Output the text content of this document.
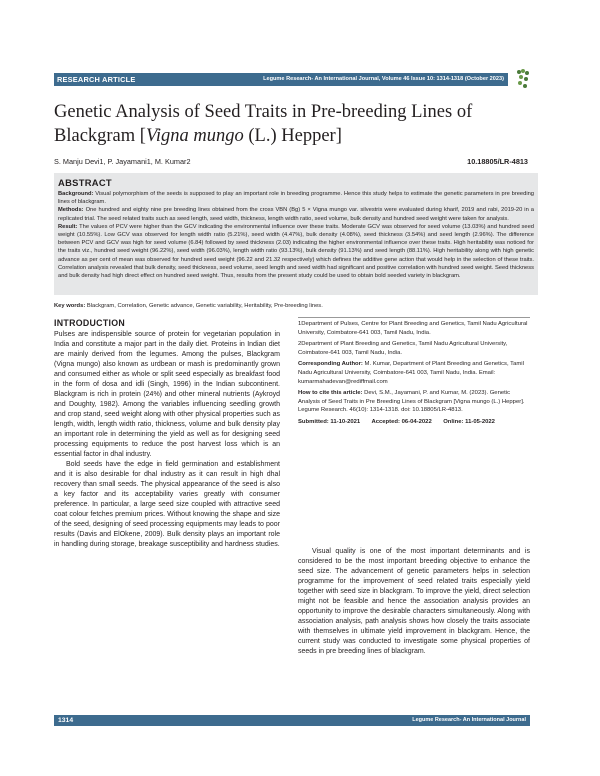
RESEARCH ARTICLE	Legume Research- An International Journal, Volume 46 Issue 10: 1314-1318 (October 2023)
Genetic Analysis of Seed Traits in Pre-breeding Lines of Blackgram [Vigna mungo (L.) Hepper]
S. Manju Devi1, P. Jayamani1, M. Kumar2	10.18805/LR-4813
ABSTRACT

Background: Visual polymorphism of the seeds is supposed to play an important role in breeding programme. Hence this study helps to estimate the genetic parameters in pre breeding lines of blackgram.

Methods: One hundred and eighty nine pre breeding lines obtained from the cross VBN (Bg) 5 × Vigna mungo var. silvestris were evaluated during kharif, 2019 and rabi, 2019-20 in a replicated trial. The seed related traits such as seed length, seed width, thickness, length width ratio, seed volume, bulk density and hundred seed weight were taken for analysis.

Result: The values of PCV were higher than the GCV indicating the environmental influence over these traits. Moderate GCV was observed for seed volume (13.03%) and hundred seed weight (10.55%). Low GCV was observed for length width ratio (5.21%), seed width (4.47%), bulk density (4.08%), seed thickness (3.54%) and seed length (2.96%). The difference between PCV and GCV was high for seed volume (6.84) followed by seed thickness (2.03) indicating the higher environmental influence over these traits. High heritability was noticed for the traits viz., hundred seed weight (96.22%), seed width (96.03%), length width ratio (93.13%), bulk density (91.13%) and seed length (88.11%). High heritability along with high genetic advance as per cent of mean was observed for hundred seed weight (96.22 and 21.32 respectively) which defines the additive gene action that would help in the selection of these traits. Correlation analysis revealed that bulk density, seed thickness, seed volume, seed length and seed width had significant and positive correlation with hundred seed weight. Seed thickness and bulk density had high direct effect on hundred seed weight. Thus, results from the present study could be used to obtain bold seeded variety in blackgram.

Key words: Blackgram, Correlation, Genetic advance, Genetic variability, Heritability, Pre-breeding lines.
INTRODUCTION

Pulses are indispensible source of protein for vegetarian population in India and constitute a major part in the daily diet. Proteins in Indian diet are mainly derived from the legumes. Among the pulses, Blackgram (Vigna mungo) also known as urdbean or mash is predominantly grown and consumed either as whole or split seed especially as breakfast food in the form of dosa and idli (Singh, 1996) in the Indian subcontinent. Blackgram is rich in protein (24%) and other mineral nutrients (Aykroyd and Doughty, 1982). Among the variables influencing seedling growth and crop stand, seed weight along with other physical properties such as length, width, length width ratio, thickness, volume and bulk density play an important role in determining the yield as well as for designing seed processing equipments to reduce the post harvest loss which is an essential factor in dhal industry.

Bold seeds have the edge in field germination and establishment and it is also desirable for dhal industry as it can result in high dhal recovery than small seeds. The physical appearance of the seed is also a key factor and its acceptability varies greatly with consumer preference. In particular, a large seed size coupled with attractive seed coat colour fetches premium prices. Without knowing the shape and size of the seed, designing of seed processing equipments may leads to poor results (Davis and ElOkene, 2009). Bulk density plays an important role in handling during storage, breakage susceptibility and hardness studies.

1Department of Pulses, Centre for Plant Breeding and Genetics, Tamil Nadu Agricultural University, Coimbatore-641 003, Tamil Nadu, India.

2Department of Plant Breeding and Genetics, Tamil Nadu Agricultural University, Coimbatore-641 003, Tamil Nadu, India.

Corresponding Author: M. Kumar, Department of Plant Breeding and Genetics, Tamil Nadu Agricultural University, Coimbatore-641 003, Tamil Nadu, India. Email: kumarmahadevan@rediffmail.com

How to cite this article: Devi, S.M., Jayamani, P. and Kumar, M. (2023). Genetic Analysis of Seed Traits in Pre Breeding Lines of Blackgram [Vigna mungo (L.) Hepper]. Legume Research. 46(10): 1314-1318. doi: 10.18805/LR-4813.

Submitted: 11-10-2021 Accepted: 06-04-2022 Online: 11-05-2022

Visual quality is one of the most important determinants and is considered to be the most important breeding objective to enhance the seed size. The advancement of genetic parameters helps in selection programme for the improvement of seed related traits especially yield together with seed size in blackgram. To improve the yield, direct selection might not be feasible and hence the association analysis provides an opportunity to improve the desirable characters simultaneously. Along with association analysis, path analysis shows how closely the traits associate with themselves in ultimate yield improvement in blackgram. Hence, the current study was conducted to investigate some physical properties of seeds in pre breeding lines of blackgram.

1314	Legume Research- An International Journal
